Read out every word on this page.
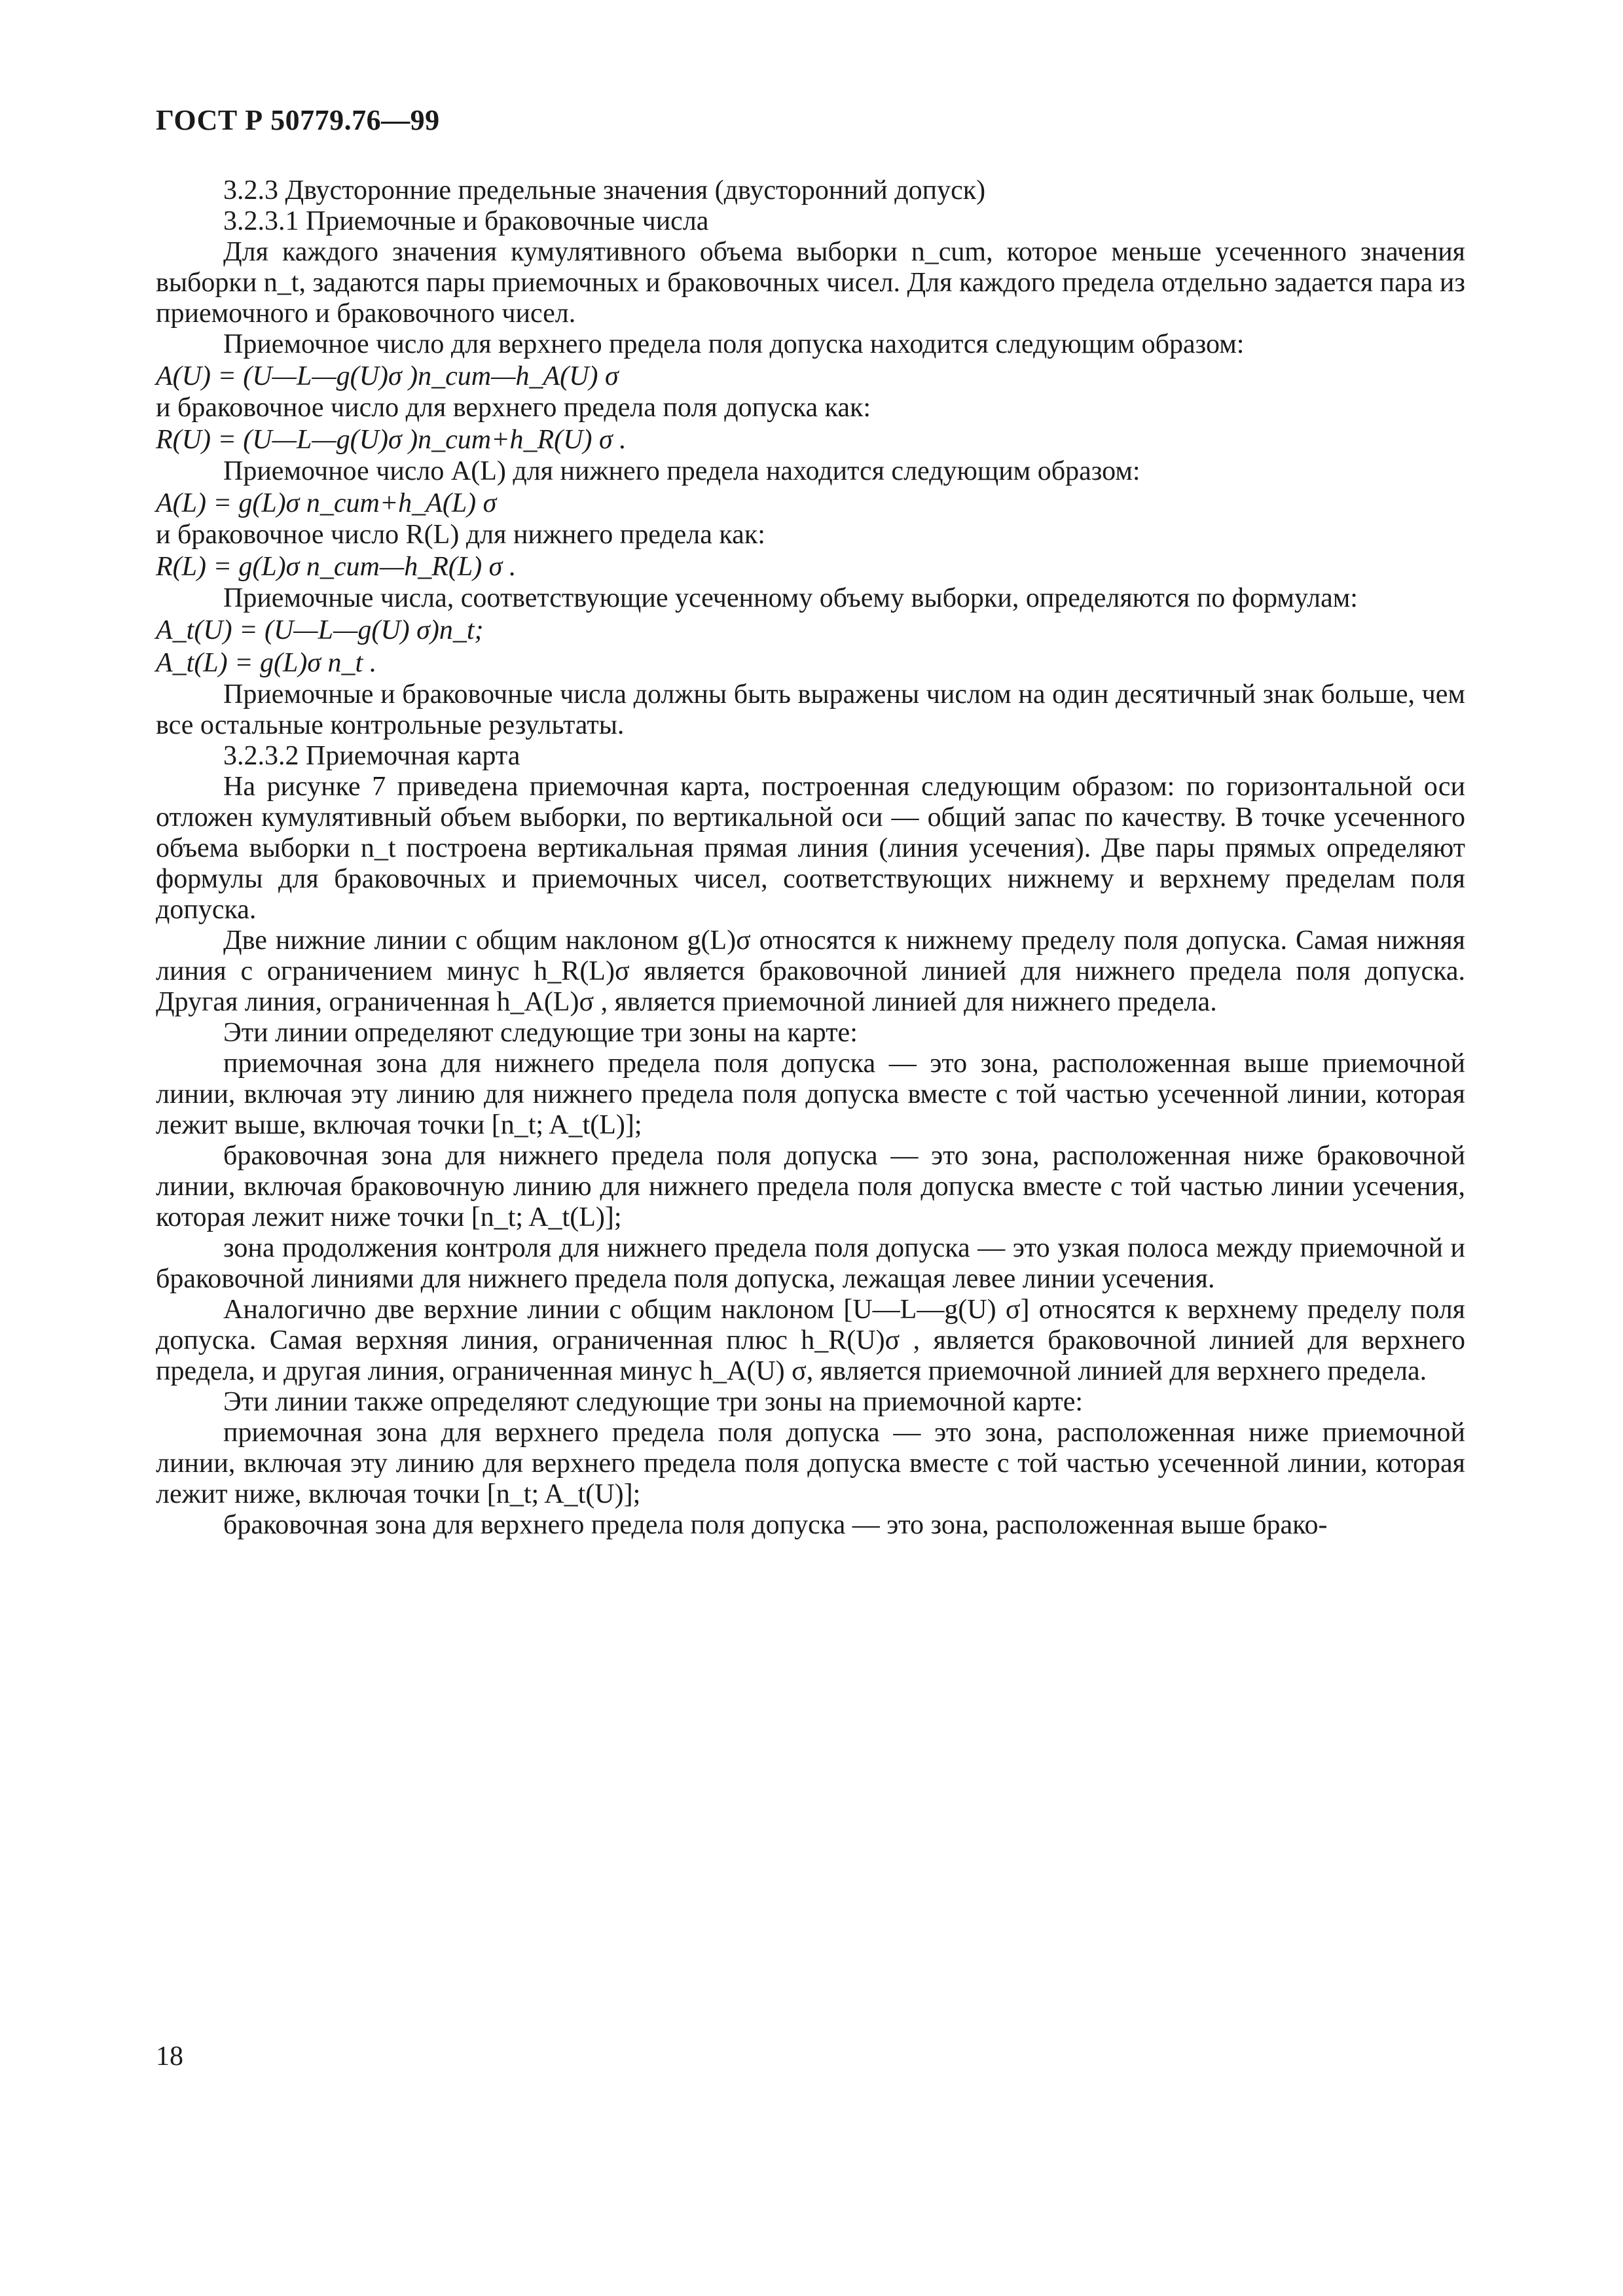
ГОСТ Р 50779.76—99

3.2.3 Двусторонние предельные значения (двусторонний допуск)

3.2.3.1 Приемочные и браковочные числа

Для каждого значения кумулятивного объема выборки n_cum, которое меньше усеченного значения выборки n_t, задаются пары приемочных и браковочных чисел. Для каждого предела отдельно задается пара из приемочного и браковочного чисел.

Приемочное число для верхнего предела поля допуска находится следующим образом:

A(U) = (U—L—g(U)σ )n_cum—h_A(U) σ

и браковочное число для верхнего предела поля допуска как:

R(U) = (U—L—g(U)σ )n_cum+h_R(U) σ .

Приемочное число A(L) для нижнего предела находится следующим образом:

A(L) = g(L)σ n_cum+h_A(L) σ

и браковочное число R(L) для нижнего предела как:

R(L) = g(L)σ n_cum—h_R(L) σ .

Приемочные числа, соответствующие усеченному объему выборки, определяются по формулам:

A_t(U) = (U—L—g(U) σ)n_t;

A_t(L) = g(L)σ n_t .

Приемочные и браковочные числа должны быть выражены числом на один десятичный знак больше, чем все остальные контрольные результаты.

3.2.3.2 Приемочная карта

На рисунке 7 приведена приемочная карта, построенная следующим образом: по горизонтальной оси отложен кумулятивный объем выборки, по вертикальной оси — общий запас по качеству. В точке усеченного объема выборки n_t построена вертикальная прямая линия (линия усечения). Две пары прямых определяют формулы для браковочных и приемочных чисел, соответствующих нижнему и верхнему пределам поля допуска.

Две нижние линии с общим наклоном g(L)σ относятся к нижнему пределу поля допуска. Самая нижняя линия с ограничением минус h_R(L)σ является браковочной линией для нижнего предела поля допуска. Другая линия, ограниченная h_A(L)σ , является приемочной линией для нижнего предела.

Эти линии определяют следующие три зоны на карте:

приемочная зона для нижнего предела поля допуска — это зона, расположенная выше приемочной линии, включая эту линию для нижнего предела поля допуска вместе с той частью усеченной линии, которая лежит выше, включая точки [n_t; A_t(L)];

браковочная зона для нижнего предела поля допуска — это зона, расположенная ниже браковочной линии, включая браковочную линию для нижнего предела поля допуска вместе с той частью линии усечения, которая лежит ниже точки [n_t; A_t(L)];

зона продолжения контроля для нижнего предела поля допуска — это узкая полоса между приемочной и браковочной линиями для нижнего предела поля допуска, лежащая левее линии усечения.

Аналогично две верхние линии с общим наклоном [U—L—g(U) σ] относятся к верхнему пределу поля допуска. Самая верхняя линия, ограниченная плюс h_R(U)σ , является браковочной линией для верхнего предела, и другая линия, ограниченная минус h_A(U) σ, является приемочной линией для верхнего предела.

Эти линии также определяют следующие три зоны на приемочной карте:

приемочная зона для верхнего предела поля допуска — это зона, расположенная ниже приемочной линии, включая эту линию для верхнего предела поля допуска вместе с той частью усеченной линии, которая лежит ниже, включая точки [n_t; A_t(U)];

браковочная зона для верхнего предела поля допуска — это зона, расположенная выше брако-

18
